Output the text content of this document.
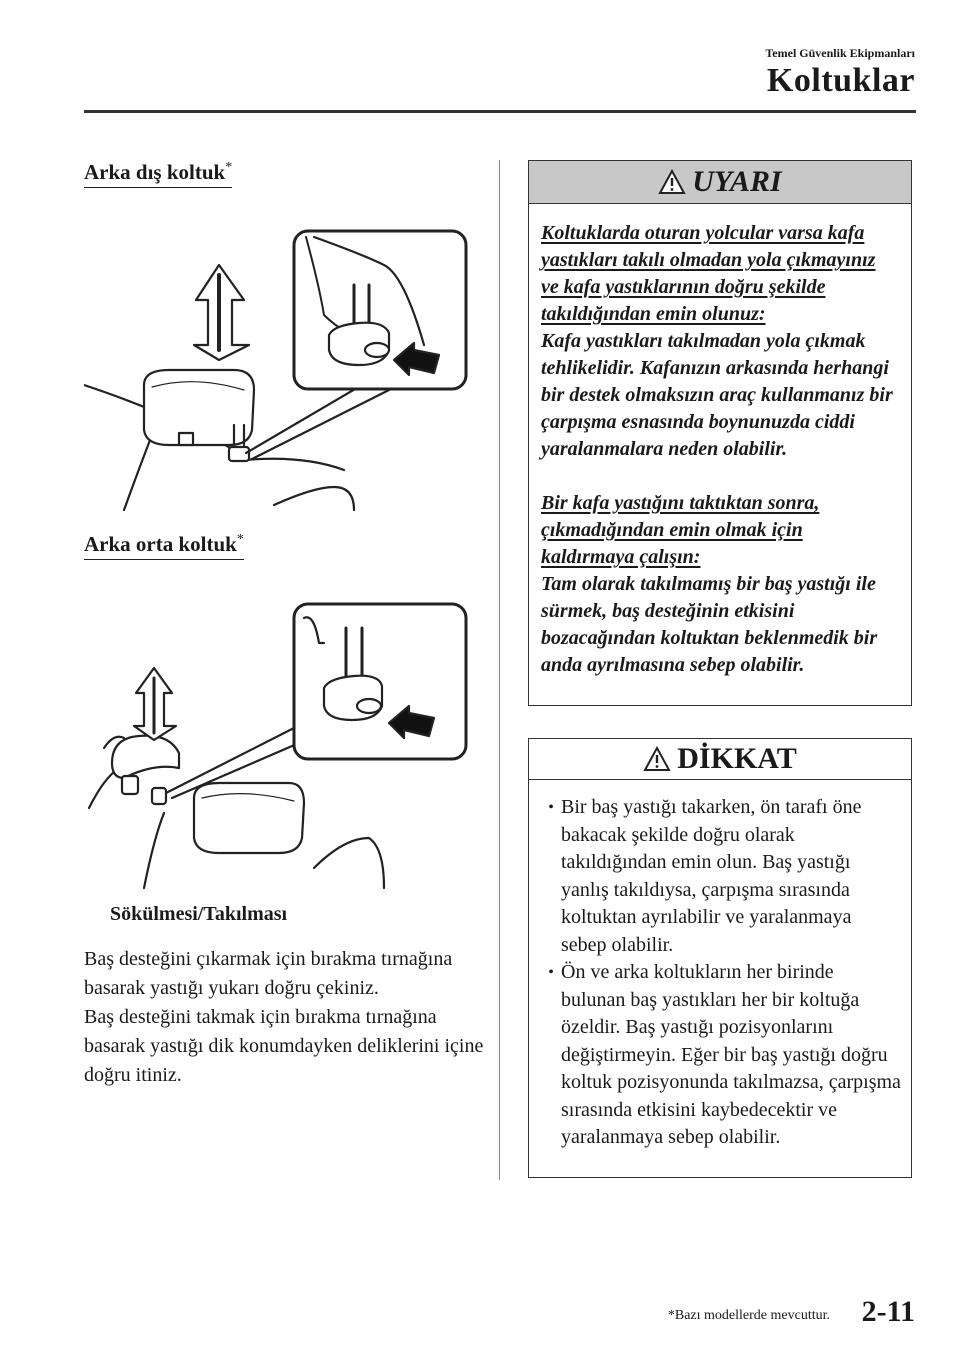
Temel Güvenlik Ekipmanları
Koltuklar
Arka dış koltuk*
Arka orta koltuk*
Sökülmesi/Takılması

Baş desteğini çıkarmak için bırakma tırnağına basarak yastığı yukarı doğru çekiniz.

Baş desteğini takmak için bırakma tırnağına basarak yastığı dik konumdayken deliklerini içine doğru itiniz.

UYARI

Koltuklarda oturan yolcular varsa kafa yastıkları takılı olmadan yola çıkmayınız ve kafa yastıklarının doğru şekilde takıldığından emin olunuz:

Kafa yastıkları takılmadan yola çıkmak tehlikelidir. Kafanızın arkasında herhangi bir destek olmaksızın araç kullanmanız bir çarpışma esnasında boynunuzda ciddi yaralanmalara neden olabilir.

Bir kafa yastığını taktıktan sonra, çıkmadığından emin olmak için kaldırmaya çalışın:

Tam olarak takılmamış bir baş yastığı ile sürmek, baş desteğinin etkisini bozacağından koltuktan beklenmedik bir anda ayrılmasına sebep olabilir.

DİKKAT
• Bir baş yastığı takarken, ön tarafı öne bakacak şekilde doğru olarak takıldığından emin olun. Baş yastığı yanlış takıldıysa, çarpışma sırasında koltuktan ayrılabilir ve yaralanmaya sebep olabilir.
• Ön ve arka koltukların her birinde bulunan baş yastıkları her bir koltuğa özeldir. Baş yastığı pozisyonlarını değiştirmeyin. Eğer bir baş yastığı doğru koltuk pozisyonunda takılmazsa, çarpışma sırasında etkisini kaybedecektir ve yaralanmaya sebep olabilir.
*Bazı modellerde mevcuttur. 2-11
